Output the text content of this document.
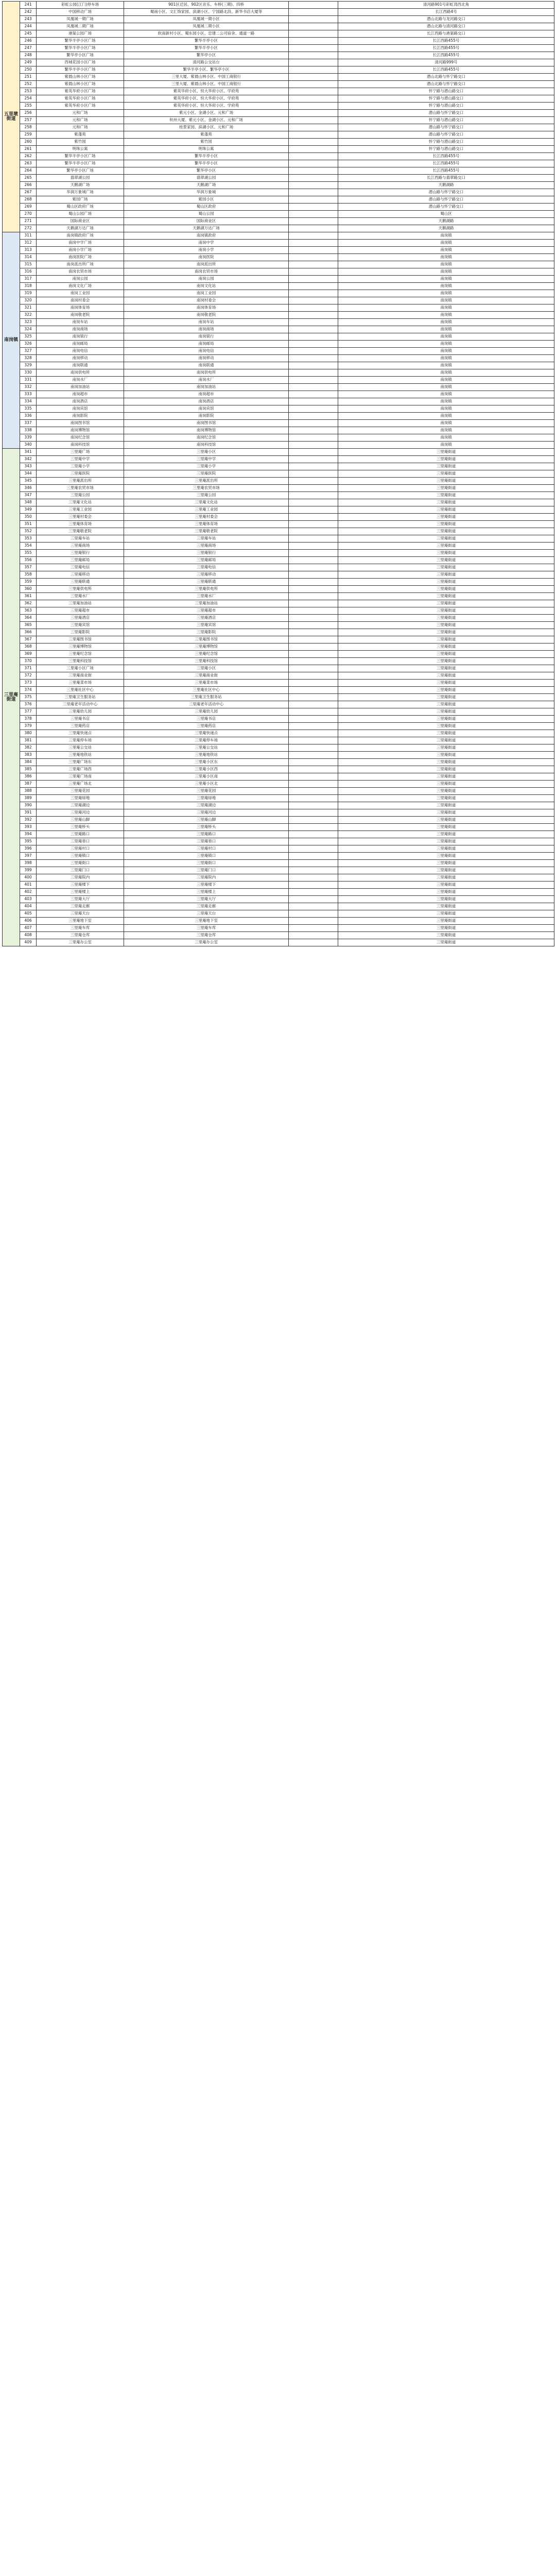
五里墩街道	241	彩虹公园(江门)停车场	901区迁居、902区音乐、车桥(三期)、四桥		清河路901号彩虹湾西北角
	242	中国移动广场	蜀南小区、文汇饰家园、滨湖小区、宁国路北段、新华书店大厦等		长江西路4号
	243	凤凰城一期广场	凤凰城一期小区		潜山北路与龙河路交口
	244	凤凰城二期广场	凤凰城二期小区		潜山北路与清河路交口
	245	港渠公园广场	软南新村小区、蜀东园小区、忠建二公司宿舍、通道一路		长江西路与港渠路交口
	246	繁华半亭小区广场	繁华半亭小区		长江西路455号
	247	繁华半亭小区广场	繁华半亭小区		长江西路455号
	248	繁华亭小区广场	繁华亭小区		长江西路455号
	249	西城花园小区广场	清河路公交站台		清河路999号
	250	繁华半亭小区广场	繁华半亭小区、繁华亭小区		长江西路455号
	251	紫晨山林小区广场	三里大厦、紫晨山林小区、中国工商银行		潜山北路与怀宁路交口
	252	紫晨山林小区广场	三里大厦、紫晨山林小区、中国工商银行		潜山北路与怀宁路交口
	253	紫英华府小区广场	紫英华府小区、恒大华府小区、学府苑		怀宁路与潜山路交口
	254	紫英华府小区广场	紫英华府小区、恒大华府小区、学府苑		怀宁路与潜山路交口
	255	紫英华府小区广场	紫英华府小区、恒大华府小区、学府苑		怀宁路与潜山路交口
	256	元和广场	紫元小区、金湖小区、元和广场		潜山路与怀宁路交口
	257	元和广场	杭州大厦、紫元小区、金湖小区、元和广场		怀宁路与潜山路交口
	258	元和广场	桂景家园、滨湖小区、元和广场		潜山路与怀宁路交口
	259	紫蓬苑	紫蓬苑		潜山路与怀宁路交口
	260	紫竹园	紫竹园		怀宁路与潜山路交口
	261	明珠公寓	明珠公寓		怀宁路与潜山路交口
	262	繁华半亭小区广场	繁华半亭小区		长江西路455号
	263	繁华半亭小区广场	繁华半亭小区		长江西路455号
	264	繁华亭小区广场	繁华亭小区		长江西路455号
	265	翡翠湖公园	翡翠湖公园		长江西路与翡翠路交口
	266	天鹅湖广场	天鹅湖广场		天鹅湖路
	267	华润万象城广场	华润万象城		潜山路与怀宁路交口
	268	紫园广场	紫园小区		潜山路与怀宁路交口
	269	蜀山区政府广场	蜀山区政府		潜山路与怀宁路交口
	270	蜀山公园广场	蜀山公园		蜀山区
	271	国际商业区	国际商业区		天鹅湖路
	272	天鹅湖万达广场	天鹅湖万达广场		天鹅湖路
南岗镇	311	南岗镇政府广场	南岗镇政府		南岗镇
	312	南岗中学广场	南岗中学		南岗镇
	313	南岗小学广场	南岗小学		南岗镇
	314	南岗医院广场	南岗医院		南岗镇
	315	南岗派出所广场	南岗派出所		南岗镇
	316	南岗农贸市场	南岗农贸市场		南岗镇
	317	南岗公园	南岗公园		南岗镇
	318	南岗文化广场	南岗文化站		南岗镇
	319	南岗工业园	南岗工业园		南岗镇
	320	南岗村委会	南岗村委会		南岗镇
	321	南岗体育场	南岗体育场		南岗镇
	322	南岗敬老院	南岗敬老院		南岗镇
	323	南岗车站	南岗车站		南岗镇
	324	南岗商场	南岗商场		南岗镇
	325	南岗银行	南岗银行		南岗镇
	326	南岗邮局	南岗邮局		南岗镇
	327	南岗电信	南岗电信		南岗镇
	328	南岗移动	南岗移动		南岗镇
	329	南岗联通	南岗联通		南岗镇
	330	南岗供电所	南岗供电所		南岗镇
	331	南岗水厂	南岗水厂		南岗镇
	332	南岗加油站	南岗加油站		南岗镇
	333	南岗超市	南岗超市		南岗镇
	334	南岗酒店	南岗酒店		南岗镇
	335	南岗宾馆	南岗宾馆		南岗镇
	336	南岗影院	南岗影院		南岗镇
	337	南岗图书馆	南岗图书馆		南岗镇
	338	南岗博物馆	南岗博物馆		南岗镇
	339	南岗纪念馆	南岗纪念馆		南岗镇
	340	南岗科技馆	南岗科技馆		南岗镇
三里庵街道	341	三里庵广场	三里庵小区		三里庵街道
	342	三里庵中学	三里庵中学		三里庵街道
	343	三里庵小学	三里庵小学		三里庵街道
	344	三里庵医院	三里庵医院		三里庵街道
	345	三里庵派出所	三里庵派出所		三里庵街道
	346	三里庵农贸市场	三里庵农贸市场		三里庵街道
	347	三里庵公园	三里庵公园		三里庵街道
	348	三里庵文化站	三里庵文化站		三里庵街道
	349	三里庵工业园	三里庵工业园		三里庵街道
	350	三里庵村委会	三里庵村委会		三里庵街道
	351	三里庵体育场	三里庵体育场		三里庵街道
	352	三里庵敬老院	三里庵敬老院		三里庵街道
	353	三里庵车站	三里庵车站		三里庵街道
	354	三里庵商场	三里庵商场		三里庵街道
	355	三里庵银行	三里庵银行		三里庵街道
	356	三里庵邮局	三里庵邮局		三里庵街道
	357	三里庵电信	三里庵电信		三里庵街道
	358	三里庵移动	三里庵移动		三里庵街道
	359	三里庵联通	三里庵联通		三里庵街道
	360	三里庵供电所	三里庵供电所		三里庵街道
	361	三里庵水厂	三里庵水厂		三里庵街道
	362	三里庵加油站	三里庵加油站		三里庵街道
	363	三里庵超市	三里庵超市		三里庵街道
	364	三里庵酒店	三里庵酒店		三里庵街道
	365	三里庵宾馆	三里庵宾馆		三里庵街道
	366	三里庵影院	三里庵影院		三里庵街道
	367	三里庵图书馆	三里庵图书馆		三里庵街道
	368	三里庵博物馆	三里庵博物馆		三里庵街道
	369	三里庵纪念馆	三里庵纪念馆		三里庵街道
	370	三里庵科技馆	三里庵科技馆		三里庵街道
	371	三里庵小区广场	三里庵小区		三里庵街道
	372	三里庵商业街	三里庵商业街		三里庵街道
	373	三里庵菜市场	三里庵菜市场		三里庵街道
	374	三里庵社区中心	三里庵社区中心		三里庵街道
	375	三里庵卫生服务站	三里庵卫生服务站		三里庵街道
	376	三里庵老年活动中心	三里庵老年活动中心		三里庵街道
	377	三里庵幼儿园	三里庵幼儿园		三里庵街道
	378	三里庵书店	三里庵书店		三里庵街道
	379	三里庵药店	三里庵药店		三里庵街道
	380	三里庵快递点	三里庵快递点		三里庵街道
	381	三里庵停车场	三里庵停车场		三里庵街道
	382	三里庵公交站	三里庵公交站		三里庵街道
	383	三里庵地铁站	三里庵地铁站		三里庵街道
	384	三里庵广场东	三里庵小区东		三里庵街道
	385	三里庵广场西	三里庵小区西		三里庵街道
	386	三里庵广场南	三里庵小区南		三里庵街道
	387	三里庵广场北	三里庵小区北		三里庵街道
	388	三里庵花园	三里庵花园		三里庵街道
	389	三里庵绿地	三里庵绿地		三里庵街道
	390	三里庵湖边	三里庵湖边		三里庵街道
	391	三里庵河边	三里庵河边		三里庵街道
	392	三里庵山脚	三里庵山脚		三里庵街道
	393	三里庵桥头	三里庵桥头		三里庵街道
	394	三里庵路口	三里庵路口		三里庵街道
	395	三里庵巷口	三里庵巷口		三里庵街道
	396	三里庵村口	三里庵村口		三里庵街道
	397	三里庵镇口	三里庵镇口		三里庵街道
	398	三里庵街口	三里庵街口		三里庵街道
	399	三里庵门口	三里庵门口		三里庵街道
	400	三里庵院内	三里庵院内		三里庵街道
	401	三里庵楼下	三里庵楼下		三里庵街道
	402	三里庵楼上	三里庵楼上		三里庵街道
	403	三里庵大厅	三里庵大厅		三里庵街道
	404	三里庵走廊	三里庵走廊		三里庵街道
	405	三里庵天台	三里庵天台		三里庵街道
	406	三里庵地下室	三里庵地下室		三里庵街道
	407	三里庵车库	三里庵车库		三里庵街道
	408	三里庵仓库	三里庵仓库		三里庵街道
	409	三里庵办公室	三里庵办公室		三里庵街道
